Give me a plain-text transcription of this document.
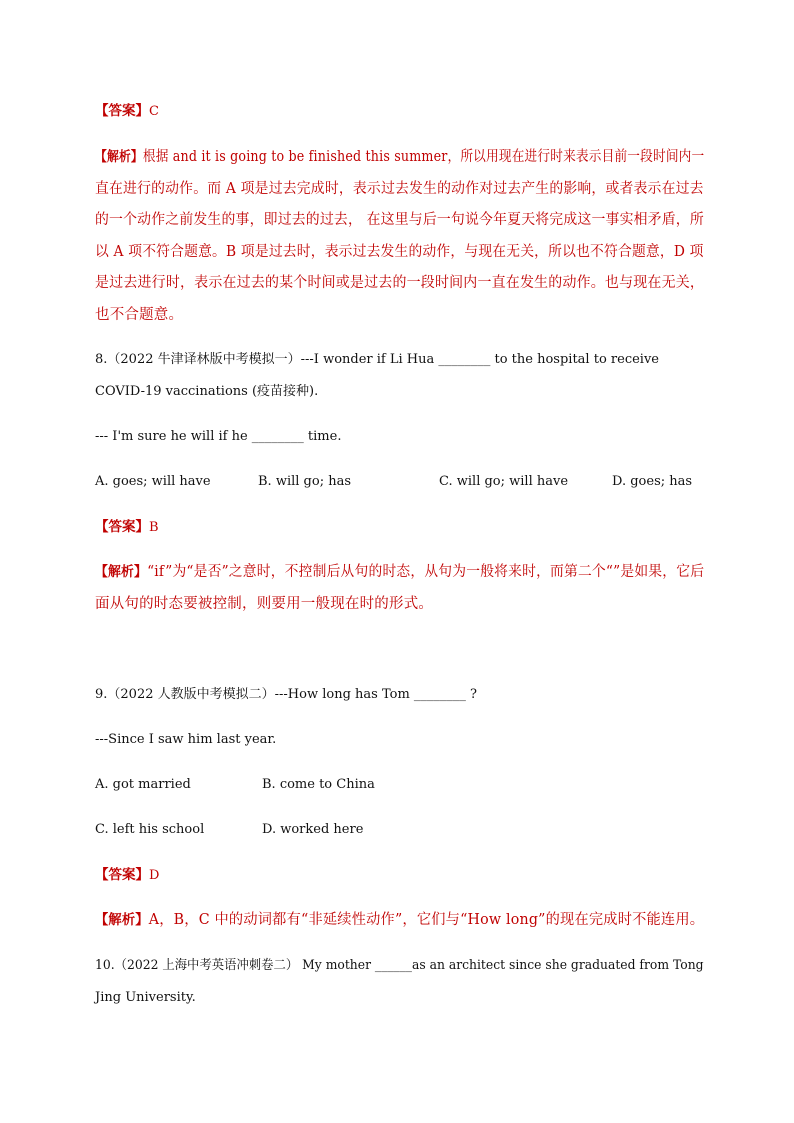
【答案】C
【解析】根据 and it is going to be finished this summer，所以用现在进行时来表示目前一段时间内一
直在进行的动作。而 A 项是过去完成时，表示过去发生的动作对过去产生的影响，或者表示在过去
的一个动作之前发生的事，即过去的过去， 在这里与后一句说今年夏天将完成这一事实相矛盾，所
以 A 项不符合题意。B 项是过去时，表示过去发生的动作，与现在无关，所以也不符合题意，D 项
是过去进行时，表示在过去的某个时间或是过去的一段时间内一直在发生的动作。也与现在无关，
也不合题意。
8.（2022 牛津译林版中考模拟一）---I wonder if Li Hua ________ to the hospital to receive
COVID-19 vaccinations (疫苗接种).
--- I'm sure he will if he ________ time.
A. goes; will have	B. will go; has	C. will go; will have	D. goes; has
【答案】B
【解析】“if”为“是否”之意时，不控制后从句的时态，从句为一般将来时，而第二个“”是如果，它后
面从句的时态要被控制，则要用一般现在时的形式。
9.（2022 人教版中考模拟二）---How long has Tom ________ ?
---Since I saw him last year.
A. got married	B. come to China
C. left his school	D. worked here
【答案】D
【解析】A，B，C 中的动词都有“非延续性动作”，它们与“How long”的现在完成时不能连用。
10.（2022 上海中考英语冲刺卷二） My mother ______as an architect since she graduated from Tong
Jing University.
